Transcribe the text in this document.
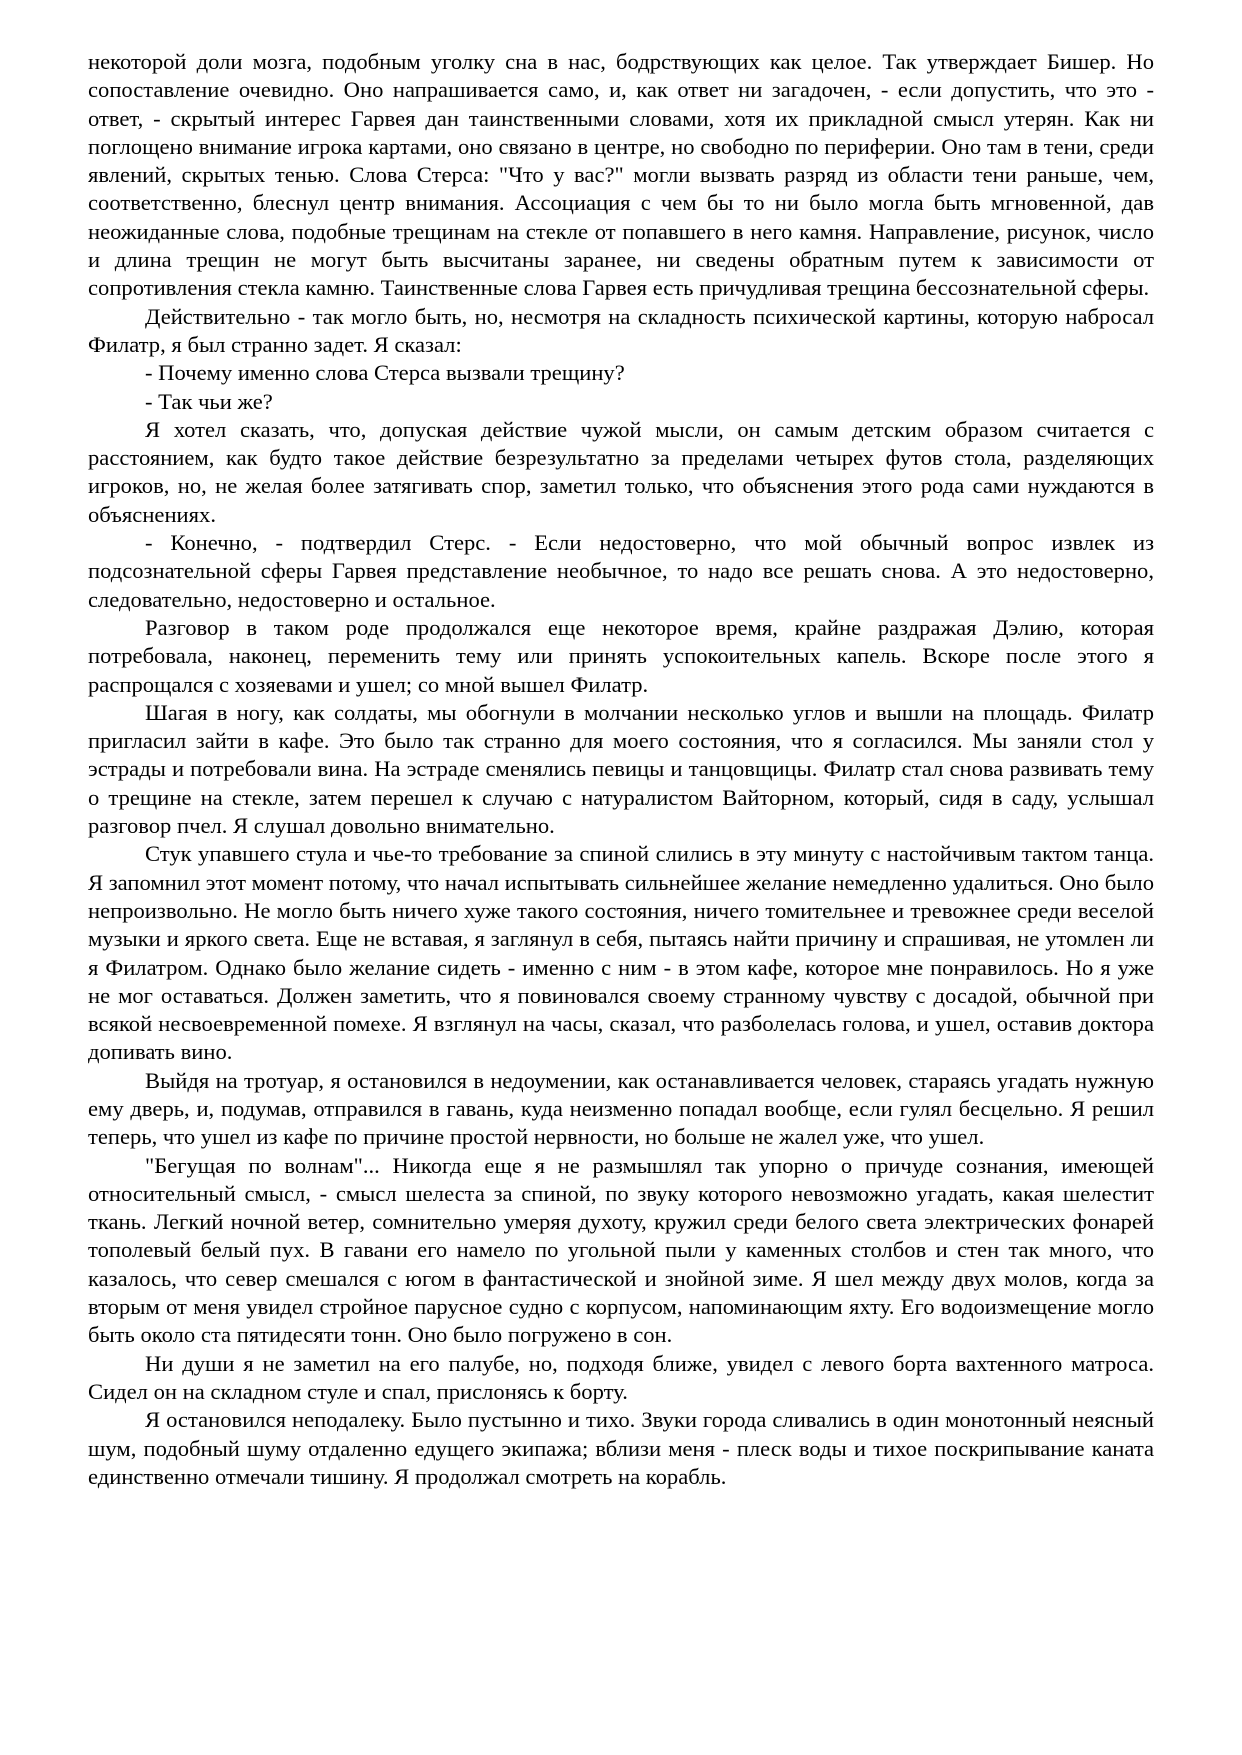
некоторой доли мозга, подобным уголку сна в нас, бодрствующих как целое. Так утверждает Бишер. Но сопоставление очевидно. Оно напрашивается само, и, как ответ ни загадочен, - если допустить, что это - ответ, - скрытый интерес Гарвея дан таинственными словами, хотя их прикладной смысл утерян. Как ни поглощено внимание игрока картами, оно связано в центре, но свободно по периферии. Оно там в тени, среди явлений, скрытых тенью. Слова Стерса: "Что у вас?" могли вызвать разряд из области тени раньше, чем, соответственно, блеснул центр внимания. Ассоциация с чем бы то ни было могла быть мгновенной, дав неожиданные слова, подобные трещинам на стекле от попавшего в него камня. Направление, рисунок, число и длина трещин не могут быть высчитаны заранее, ни сведены обратным путем к зависимости от сопротивления стекла камню. Таинственные слова Гарвея есть причудливая трещина бессознательной сферы.

Действительно - так могло быть, но, несмотря на складность психической картины, которую набросал Филатр, я был странно задет. Я сказал:

- Почему именно слова Стерса вызвали трещину?

- Так чьи же?

Я хотел сказать, что, допуская действие чужой мысли, он самым детским образом считается с расстоянием, как будто такое действие безрезультатно за пределами четырех футов стола, разделяющих игроков, но, не желая более затягивать спор, заметил только, что объяснения этого рода сами нуждаются в объяснениях.

- Конечно, - подтвердил Стерс. - Если недостоверно, что мой обычный вопрос извлек из подсознательной сферы Гарвея представление необычное, то надо все решать снова. А это недостоверно, следовательно, недостоверно и остальное.

Разговор в таком роде продолжался еще некоторое время, крайне раздражая Дэлию, которая потребовала, наконец, переменить тему или принять успокоительных капель. Вскоре после этого я распрощался с хозяевами и ушел; со мной вышел Филатр.

Шагая в ногу, как солдаты, мы обогнули в молчании несколько углов и вышли на площадь. Филатр пригласил зайти в кафе. Это было так странно для моего состояния, что я согласился. Мы заняли стол у эстрады и потребовали вина. На эстраде сменялись певицы и танцовщицы. Филатр стал снова развивать тему о трещине на стекле, затем перешел к случаю с натуралистом Вайторном, который, сидя в саду, услышал разговор пчел. Я слушал довольно внимательно.

Стук упавшего стула и чье-то требование за спиной слились в эту минуту с настойчивым тактом танца. Я запомнил этот момент потому, что начал испытывать сильнейшее желание немедленно удалиться. Оно было непроизвольно. Не могло быть ничего хуже такого состояния, ничего томительнее и тревожнее среди веселой музыки и яркого света. Еще не вставая, я заглянул в себя, пытаясь найти причину и спрашивая, не утомлен ли я Филатром. Однако было желание сидеть - именно с ним - в этом кафе, которое мне понравилось. Но я уже не мог оставаться. Должен заметить, что я повиновался своему странному чувству с досадой, обычной при всякой несвоевременной помехе. Я взглянул на часы, сказал, что разболелась голова, и ушел, оставив доктора допивать вино.

Выйдя на тротуар, я остановился в недоумении, как останавливается человек, стараясь угадать нужную ему дверь, и, подумав, отправился в гавань, куда неизменно попадал вообще, если гулял бесцельно. Я решил теперь, что ушел из кафе по причине простой нервности, но больше не жалел уже, что ушел.

"Бегущая по волнам"... Никогда еще я не размышлял так упорно о причуде сознания, имеющей относительный смысл, - смысл шелеста за спиной, по звуку которого невозможно угадать, какая шелестит ткань. Легкий ночной ветер, сомнительно умеряя духоту, кружил среди белого света электрических фонарей тополевый белый пух. В гавани его намело по угольной пыли у каменных столбов и стен так много, что казалось, что север смешался с югом в фантастической и знойной зиме. Я шел между двух молов, когда за вторым от меня увидел стройное парусное судно с корпусом, напоминающим яхту. Его водоизмещение могло быть около ста пятидесяти тонн. Оно было погружено в сон.

Ни души я не заметил на его палубе, но, подходя ближе, увидел с левого борта вахтенного матроса. Сидел он на складном стуле и спал, прислонясь к борту.

Я остановился неподалеку. Было пустынно и тихо. Звуки города сливались в один монотонный неясный шум, подобный шуму отдаленно едущего экипажа; вблизи меня - плеск воды и тихое поскрипывание каната единственно отмечали тишину. Я продолжал смотреть на корабль.
